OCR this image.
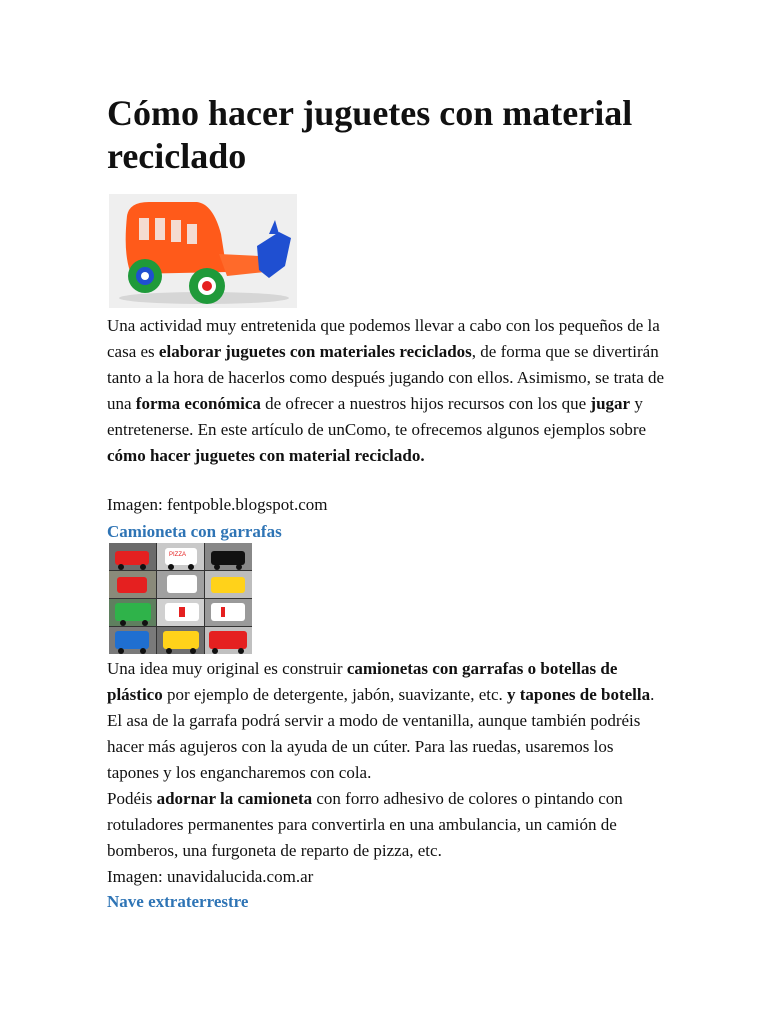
Cómo hacer juguetes con material reciclado

Una actividad muy entretenida que podemos llevar a cabo con los pequeños de la casa es elaborar juguetes con materiales reciclados, de forma que se divertirán tanto a la hora de hacerlos como después jugando con ellos. Asimismo, se trata de una forma económica de ofrecer a nuestros hijos recursos con los que jugar y entretenerse. En este artículo de unComo, te ofrecemos algunos ejemplos sobre cómo hacer juguetes con material reciclado.

Imagen: fentpoble.blogspot.com
Camioneta con garrafas
PIZZA

Una idea muy original es construir camionetas con garrafas o botellas de plástico por ejemplo de detergente, jabón, suavizante, etc. y tapones de botella. El asa de la garrafa podrá servir a modo de ventanilla, aunque también podréis hacer más agujeros con la ayuda de un cúter. Para las ruedas, usaremos los tapones y los engancharemos con cola.

Podéis adornar la camioneta con forro adhesivo de colores o pintando con rotuladores permanentes para convertirla en una ambulancia, un camión de bomberos, una furgoneta de reparto de pizza, etc.

Imagen: unavidalucida.com.ar
Nave extraterrestre
